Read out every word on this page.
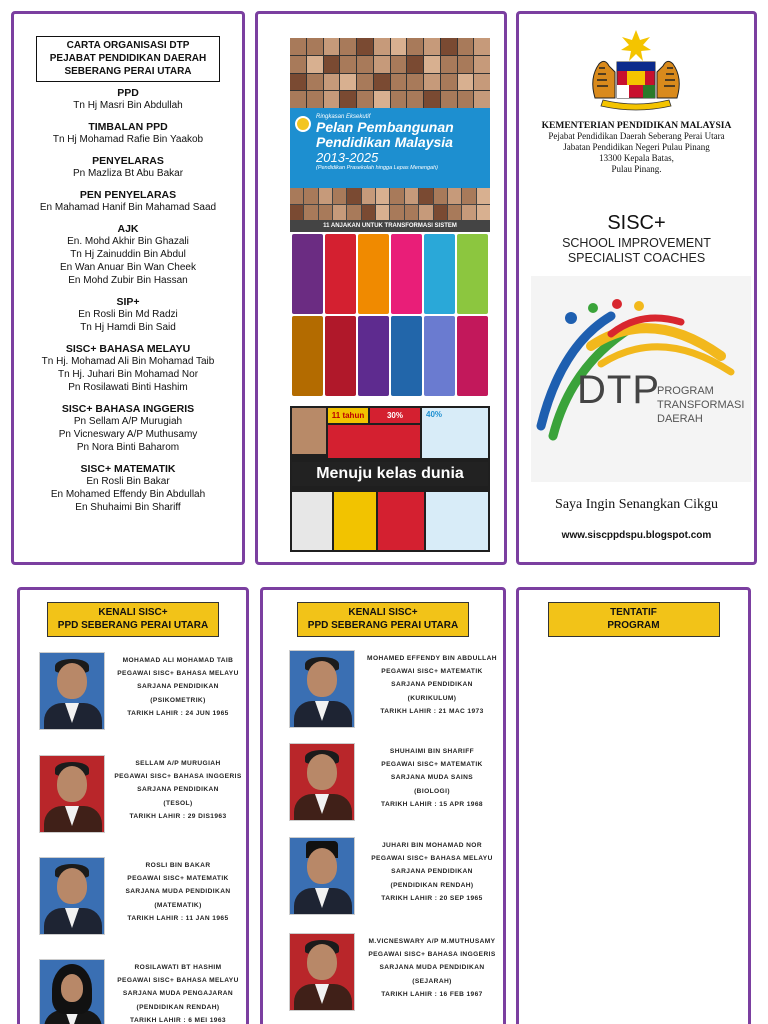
CARTA ORGANISASI DTP
PEJABAT PENDIDIKAN DAERAH
SEBERANG PERAI UTARA
PPD
Tn Hj Masri Bin Abdullah
TIMBALAN PPD
Tn Hj Mohamad Rafie Bin Yaakob
PENYELARAS
Pn Mazliza Bt Abu Bakar
PEN PENYELARAS
En Mahamad Hanif Bin Mahamad Saad
AJK
En. Mohd Akhir Bin Ghazali
Tn Hj Zainuddin Bin Abdul
En Wan Anuar Bin Wan Cheek
En Mohd Zubir Bin Hassan
SIP+
En Rosli Bin Md Radzi
Tn Hj Hamdi Bin Said
SISC+ BAHASA MELAYU
Tn Hj. Mohamad Ali Bin Mohamad Taib
Tn Hj. Juhari Bin Mohamad Nor
Pn Rosilawati Binti Hashim
SISC+ BAHASA INGGERIS
Pn Sellam A/P Murugiah
Pn Vicneswary A/P Muthusamy
Pn Nora Binti Baharom
SISC+ MATEMATIK
En Rosli Bin Bakar
En Mohamed Effendy Bin Abdullah
En Shuhaimi Bin Shariff
Ringkasan Eksekutif
Pelan Pembangunan Pendidikan Malaysia
2013-2025
(Pendidikan Prasekolah hingga Lepas Menengah)
11 ANJAKAN UNTUK TRANSFORMASI SISTEM
11 tahun	30%	40%
Menuju kelas dunia
KEMENTERIAN PENDIDIKAN MALAYSIA
Pejabat Pendidikan Daerah Seberang Perai Utara
Jabatan Pendidikan Negeri Pulau Pinang
13300 Kepala Batas,
Pulau Pinang.
SISC+
SCHOOL IMPROVEMENT
SPECIALIST COACHES
DTP
PROGRAM
TRANSFORMASI
DAERAH
Saya Ingin Senangkan Cikgu
www.siscppdspu.blogspot.com
KENALI SISC+
PPD SEBERANG PERAI UTARA
MOHAMAD ALI MOHAMAD TAIB
PEGAWAI SISC+ BAHASA MELAYU
SARJANA PENDIDIKAN
(PSIKOMETRIK)
TARIKH LAHIR : 24 JUN 1965
SELLAM A/P MURUGIAH
PEGAWAI SISC+ BAHASA INGGERIS
SARJANA PENDIDIKAN
(TESOL)
TARIKH LAHIR : 29 DIS1963
ROSLI BIN BAKAR
PEGAWAI SISC+ MATEMATIK
SARJANA MUDA PENDIDIKAN
(MATEMATIK)
TARIKH LAHIR : 11 JAN 1965
ROSILAWATI BT HASHIM
PEGAWAI SISC+ BAHASA MELAYU
SARJANA MUDA PENGAJARAN
(PENDIDIKAN RENDAH)
TARIKH LAHIR : 6 MEI 1963
KENALI SISC+
PPD SEBERANG PERAI UTARA
MOHAMED EFFENDY BIN ABDULLAH
PEGAWAI SISC+ MATEMATIK
SARJANA PENDIDIKAN
(KURIKULUM)
TARIKH LAHIR : 21 MAC 1973
SHUHAIMI BIN SHARIFF
PEGAWAI SISC+ MATEMATIK
SARJANA MUDA SAINS
(BIOLOGI)
TARIKH LAHIR : 15 APR 1968
JUHARI BIN MOHAMAD NOR
PEGAWAI SISC+ BAHASA MELAYU
SARJANA PENDIDIKAN
(PENDIDIKAN RENDAH)
TARIKH LAHIR : 20 SEP 1965
M.VICNESWARY A/P M.MUTHUSAMY
PEGAWAI SISC+ BAHASA INGGERIS
SARJANA MUDA PENDIDIKAN
(SEJARAH)
TARIKH LAHIR : 16 FEB 1967
TENTATIF
PROGRAM
